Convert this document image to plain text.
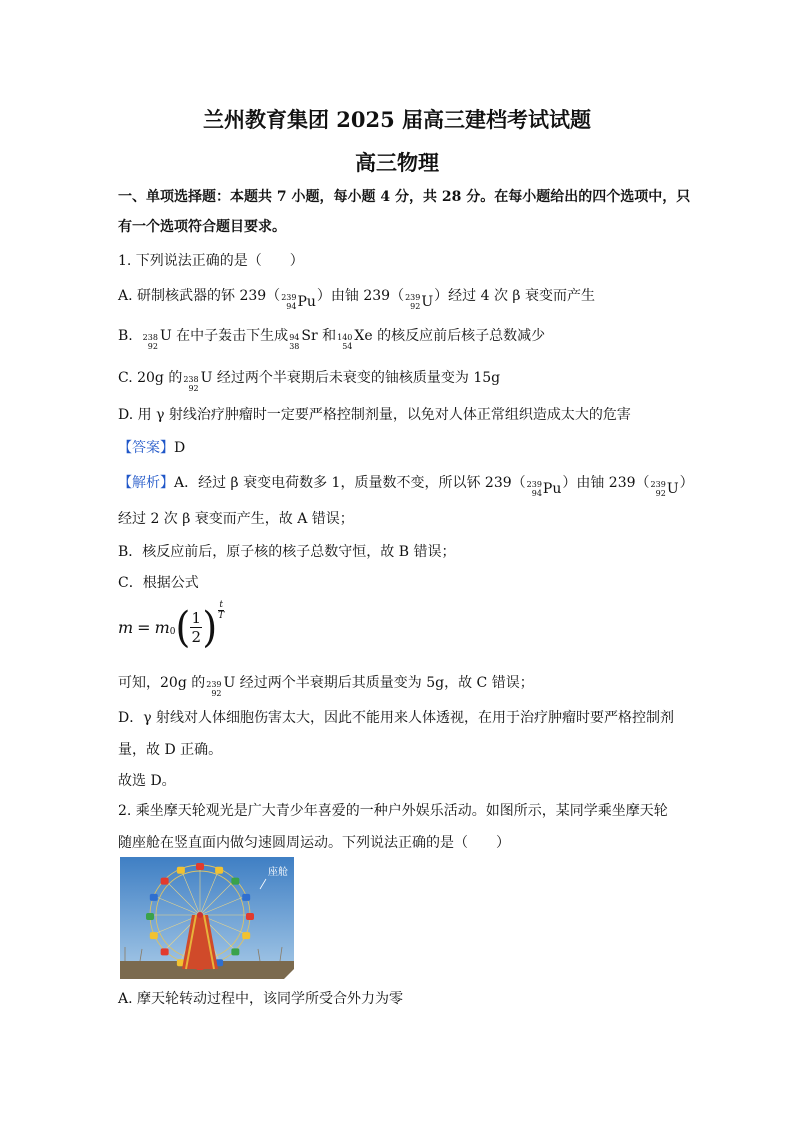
兰州教育集团 2025 届高三建档考试试题
高三物理
一、单项选择题：本题共 7 小题，每小题 4 分，共 28 分。在每小题给出的四个选项中，只
有一个选项符合题目要求。
1. 下列说法正确的是（　　）
A. 研制核武器的钚 239（ 239
94 Pu ）由铀 239（ 239
92 U ）经过 4 次 β 衰变而产生
B. 238
92
U 在中子轰击下生成 94
38
Sr 和 140
54
Xe 的核反应前后核子总数减少
C. 20g 的 238
92
U 经过两个半衰期后未衰变的铀核质量变为 15g
D. 用 γ 射线治疗肿瘤时一定要严格控制剂量，以免对人体正常组织造成太大的危害
【答案】D
【解析】A．经过 β 衰变电荷数多 1，质量数不变，所以钚 239（ 239
94 Pu ）由铀 239（ 239
92 U ）
经过 2 次 β 衰变而产生，故 A 错误；
B．核反应前后，原子核的核子总数守恒，故 B 错误；
C．根据公式
m = m 0 ( $\frac{1}{2}$ ) t
T
可知，20g 的 239
92
U 经过两个半衰期后其质量变为 5g，故 C 错误；
D．γ 射线对人体细胞伤害太大，因此不能用来人体透视，在用于治疗肿瘤时要严格控制剂
量，故 D 正确。
故选 D。
2. 乘坐摩天轮观光是广大青少年喜爱的一种户外娱乐活动。如图所示，某同学乘坐摩天轮
随座舱在竖直面内做匀速圆周运动。下列说法正确的是（　　）
座舱
A. 摩天轮转动过程中，该同学所受合外力为零
